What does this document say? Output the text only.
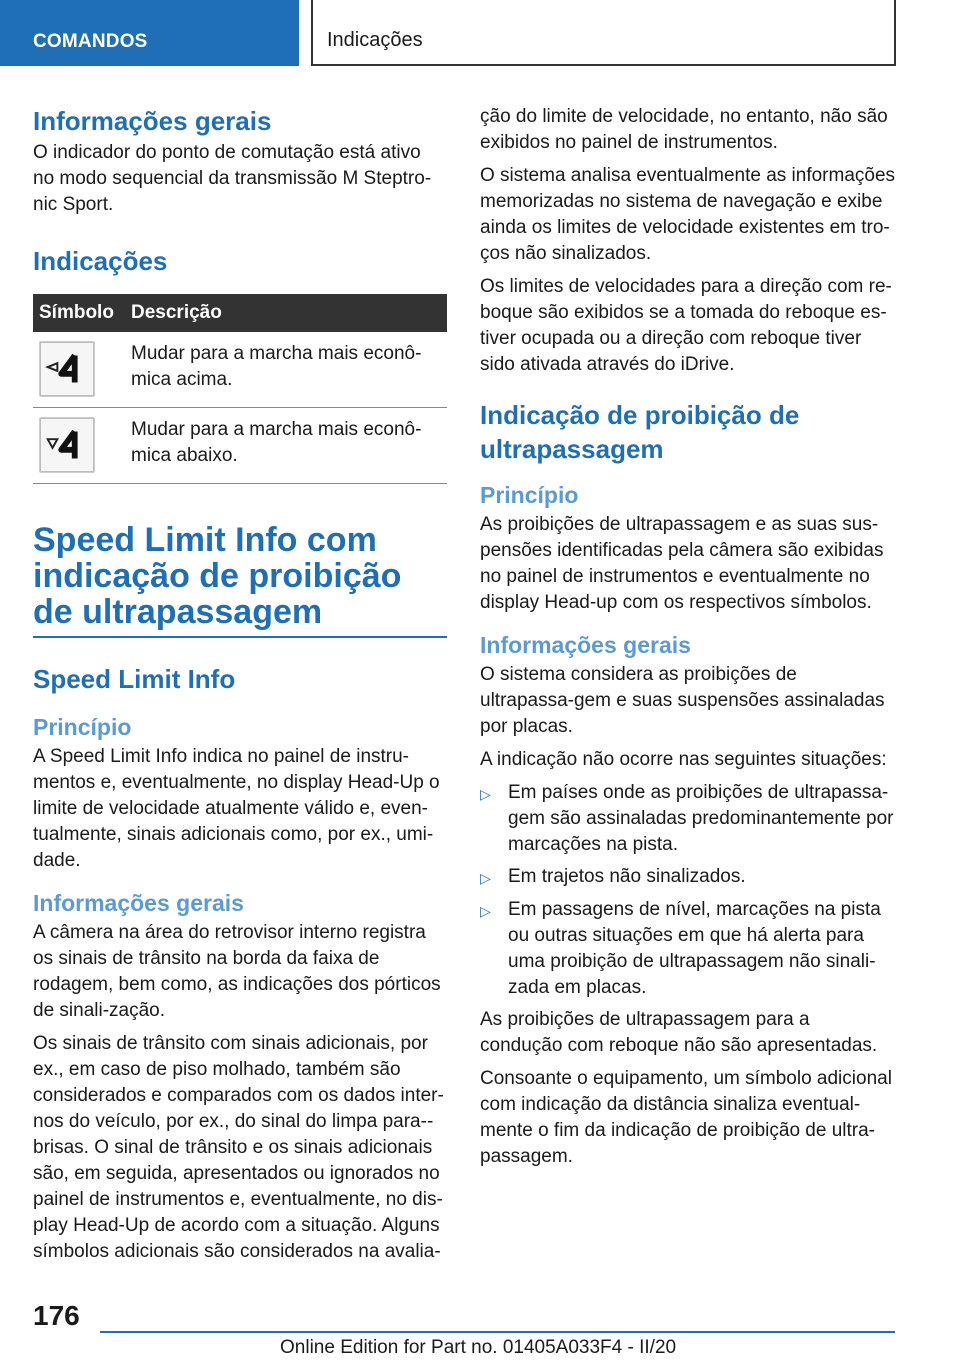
COMANDOS	Indicações
Informações gerais

O indicador do ponto de comutação está ativo no modo sequencial da transmissão M Steptro-nic Sport.

Indicações
Símbolo	Descrição

	Mudar para a marcha mais econô-mica acima.

	Mudar para a marcha mais econô-mica abaixo.
Speed Limit Info com indicação de proibição de ultrapassagem
Speed Limit Info
Princípio

A Speed Limit Info indica no painel de instru-mentos e, eventualmente, no display Head-Up o limite de velocidade atualmente válido e, even-tualmente, sinais adicionais como, por ex., umi-dade.

Informações gerais

A câmera na área do retrovisor interno registra os sinais de trânsito na borda da faixa de rodagem, bem como, as indicações dos pórticos de sinali-zação.

Os sinais de trânsito com sinais adicionais, por ex., em caso de piso molhado, também são considerados e comparados com os dados inter-nos do veículo, por ex., do sinal do limpa para--brisas. O sinal de trânsito e os sinais adicionais são, em seguida, apresentados ou ignorados no painel de instrumentos e, eventualmente, no dis-play Head-Up de acordo com a situação. Alguns símbolos adicionais são considerados na avalia-

ção do limite de velocidade, no entanto, não são exibidos no painel de instrumentos.

O sistema analisa eventualmente as informações memorizadas no sistema de navegação e exibe ainda os limites de velocidade existentes em tro-ços não sinalizados.

Os limites de velocidades para a direção com re-boque são exibidos se a tomada do reboque es-tiver ocupada ou a direção com reboque tiver sido ativada através do iDrive.

Indicação de proibição de ultrapassagem
Princípio

As proibições de ultrapassagem e as suas sus-pensões identificadas pela câmera são exibidas no painel de instrumentos e eventualmente no display Head-up com os respectivos símbolos.

Informações gerais

O sistema considera as proibições de ultrapassa-gem e suas suspensões assinaladas por placas.

A indicação não ocorre nas seguintes situações:

▷ Em países onde as proibições de ultrapassa-gem são assinaladas predominantemente por marcações na pista.
▷ Em trajetos não sinalizados.
▷ Em passagens de nível, marcações na pista ou outras situações em que há alerta para uma proibição de ultrapassagem não sinali-zada em placas.

As proibições de ultrapassagem para a condução com reboque não são apresentadas.

Consoante o equipamento, um símbolo adicional com indicação da distância sinaliza eventual-mente o fim da indicação de proibição de ultra-passagem.

176
Online Edition for Part no. 01405A033F4 - II/20
